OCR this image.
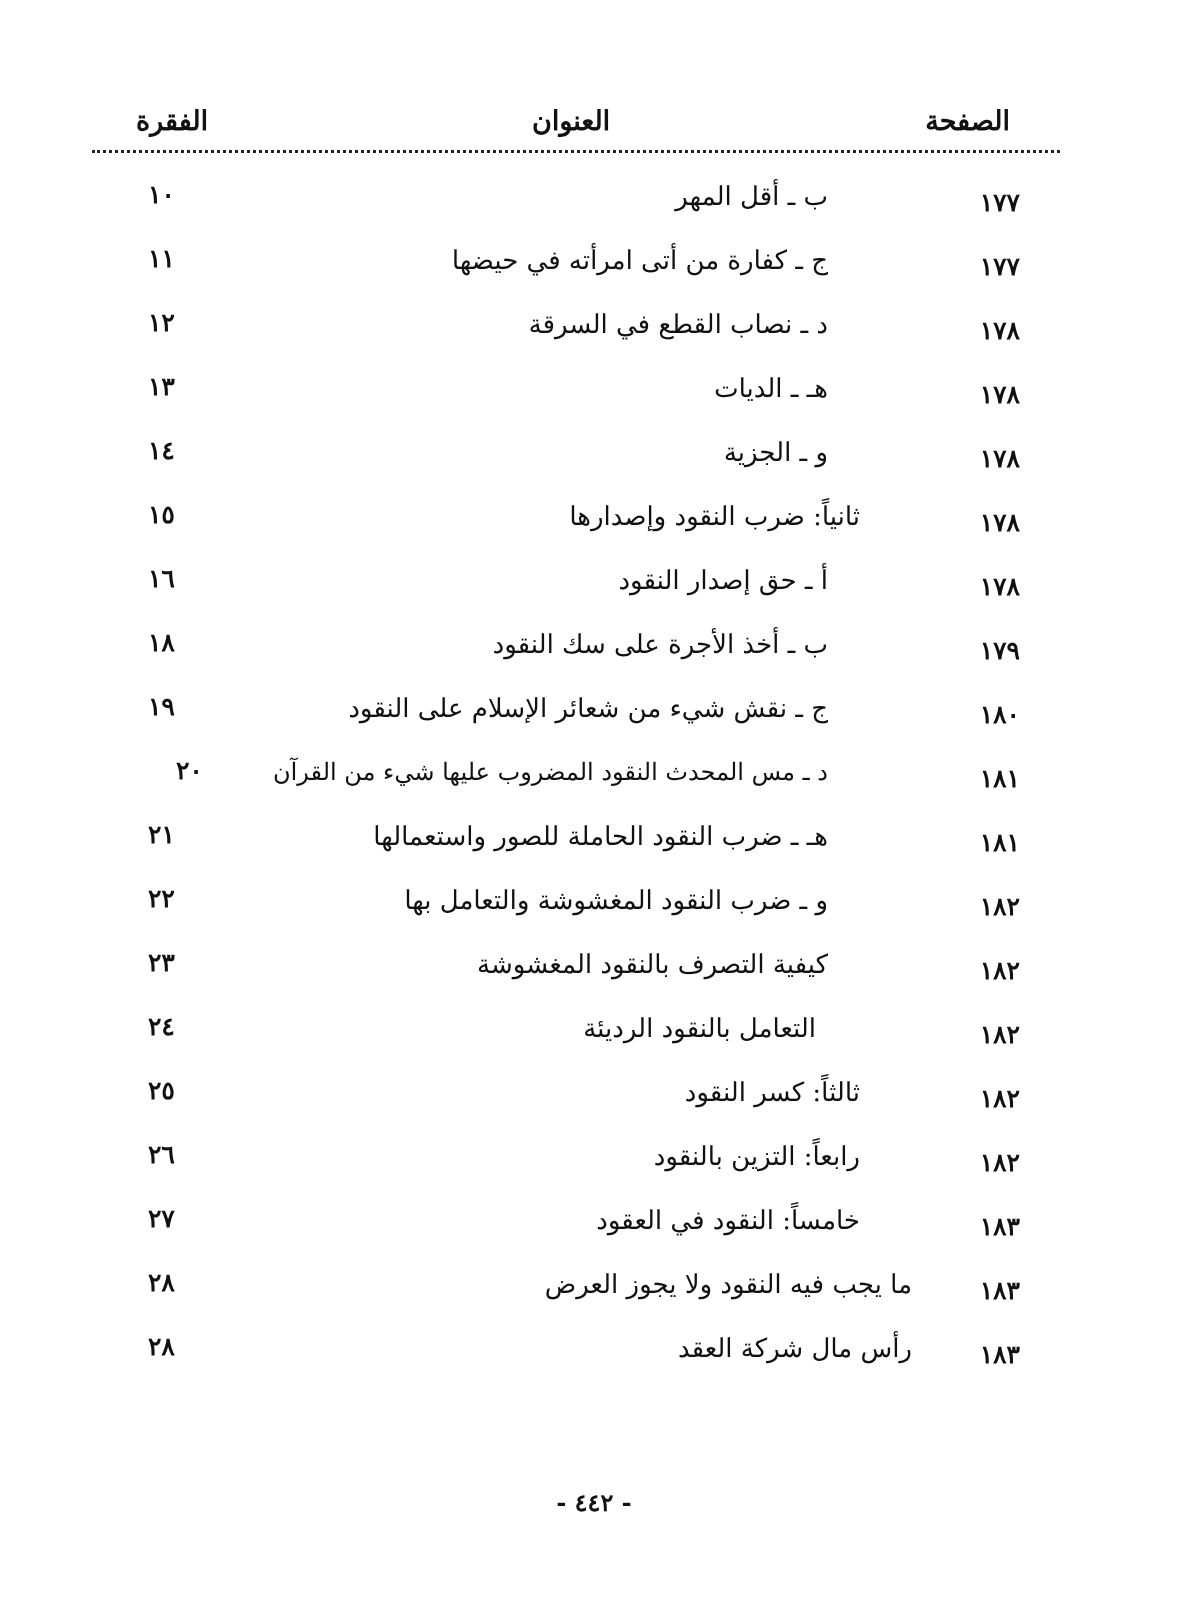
الصفحة
العنوان
الفقرة
١٧٧
ب ـ أقل المهر
١٠
١٧٧
ج ـ كفارة من أتى امرأته في حيضها
١١
١٧٨
د ـ نصاب القطع في السرقة
١٢
١٧٨
هـ ـ الديات
١٣
١٧٨
و ـ الجزية
١٤
١٧٨
ثانياً: ضرب النقود وإصدارها
١٥
١٧٨
أ ـ حق إصدار النقود
١٦
١٧٩
ب ـ أخذ الأجرة على سك النقود
١٨
١٨٠
ج ـ نقش شيء من شعائر الإسلام على النقود
١٩
١٨١
د ـ مس المحدث النقود المضروب عليها شيء من القرآن
٢٠
١٨١
هـ ـ ضرب النقود الحاملة للصور واستعمالها
٢١
١٨٢
و ـ ضرب النقود المغشوشة والتعامل بها
٢٢
١٨٢
كيفية التصرف بالنقود المغشوشة
٢٣
١٨٢
التعامل بالنقود الرديئة
٢٤
١٨٢
ثالثاً: كسر النقود
٢٥
١٨٢
رابعاً: التزين بالنقود
٢٦
١٨٣
خامساً: النقود في العقود
٢٧
١٨٣
ما يجب فيه النقود ولا يجوز العرض
٢٨
١٨٣
رأس مال شركة العقد
٢٨
- ٤٤٢ -
